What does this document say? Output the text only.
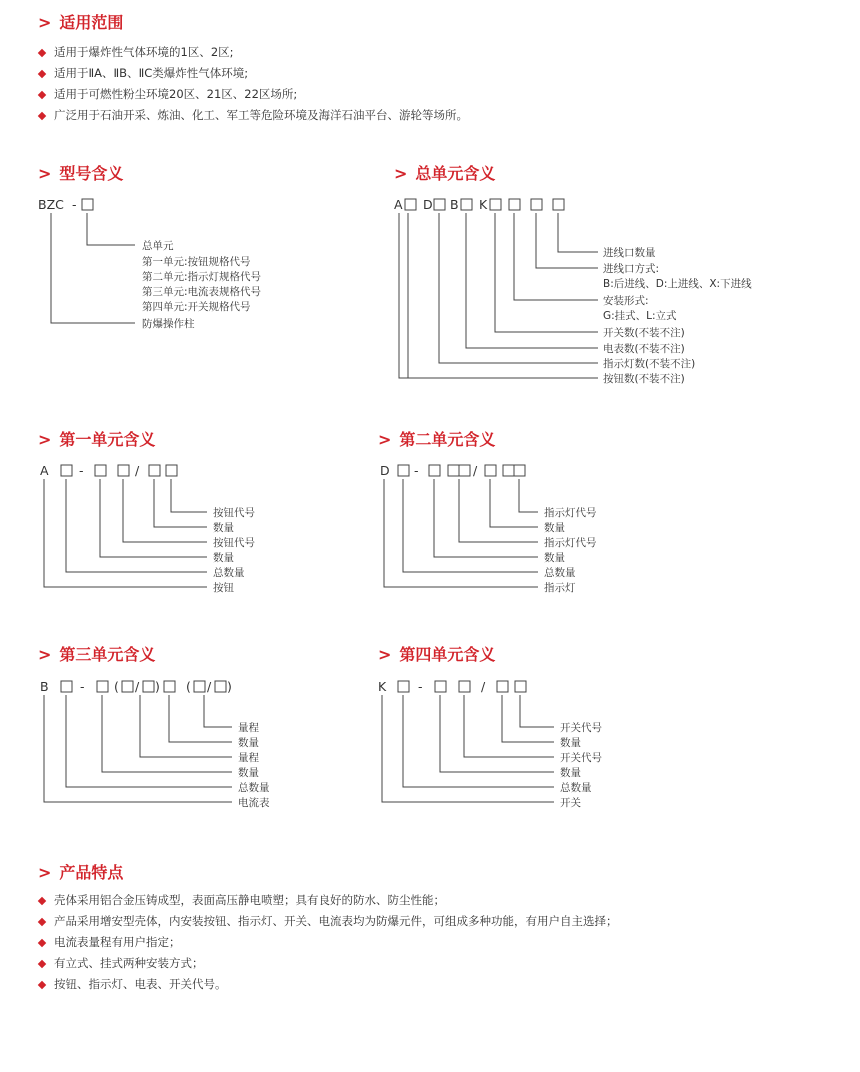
> 适用范围
适用于爆炸性气体环境的1区、2区;
适用于ⅡA、ⅡB、ⅡC类爆炸性气体环境;
适用于可燃性粉尘环境20区、21区、22区场所;
广泛用于石油开采、炼油、化工、军工等危险环境及海洋石油平台、游轮等场所。
> 型号含义
BZC -
总单元
第一单元:按钮规格代号
第二单元:指示灯规格代号
第三单元:电流表规格代号
第四单元:开关规格代号
防爆操作柱
> 总单元含义
A D B K
进线口数量
进线口方式:
B:后进线、D:上进线、X:下进线
安装形式:
G:挂式、L:立式
开关数(不装不注)
电表数(不装不注)
指示灯数(不装不注)
按钮数(不装不注)
> 第一单元含义
A -	/
按钮代号
数量
按钮代号
数量
总数量
按钮
> 第二单元含义
D -	/
指示灯代号
数量
指示灯代号
数量
总数量
指示灯
> 第三单元含义
B	- ( / ) ( / )
量程
数量
量程
数量
总数量
电流表
> 第四单元含义
K	-	/
开关代号
数量
开关代号
数量
总数量
开关
> 产品特点
壳体采用铝合金压铸成型，表面高压静电喷塑；具有良好的防水、防尘性能；
产品采用增安型壳体，内安装按钮、指示灯、开关、电流表均为防爆元件，可组成多种功能，有用户自主选择；
电流表量程有用户指定；
有立式、挂式两种安装方式；
按钮、指示灯、电表、开关代号。
